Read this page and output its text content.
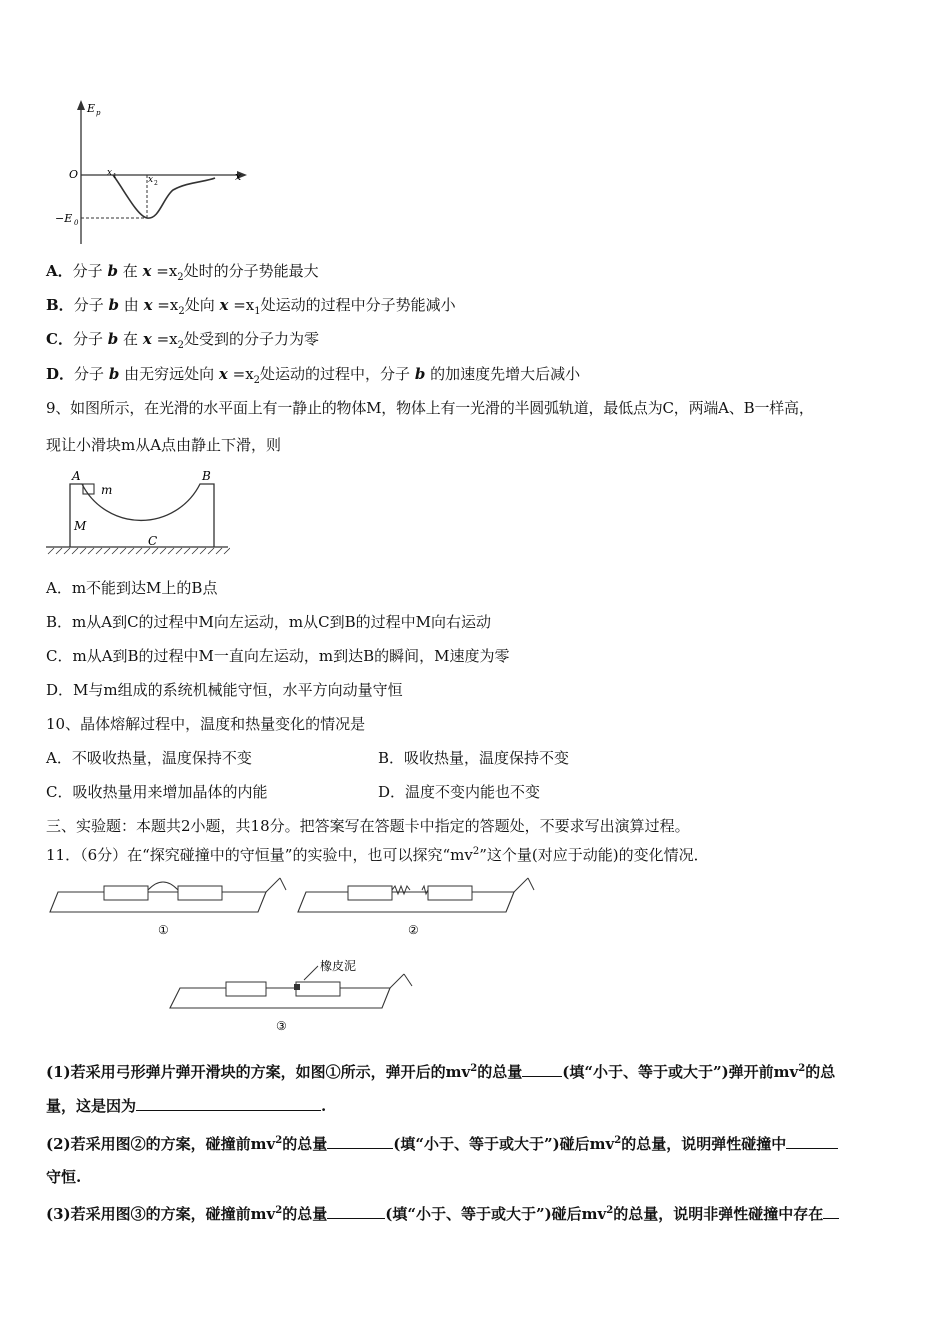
E p
O	x
x 1	x 2
−E 0
A．分子 b 在 $x =x_2$处时的分子势能最大
B．分子 b 由 $x =x_2$处向 $x =x_1$处运动的过程中分子势能减小
C．分子 b 在 $x =x_2$处受到的分子力为零
D．分子 b 由无穷远处向 $x =x_2$处运动的过程中，分子 b 的加速度先增大后减小
9、如图所示，在光滑的水平面上有一静止的物体M，物体上有一光滑的半圆弧轨道，最低点为C，两端A、B一样高，
现让小滑块m从A点由静止下滑，则
A	B
m
M
C
A．m不能到达M上的B点
B．m从A到C的过程中M向左运动，m从C到B的过程中M向右运动
C．m从A到B的过程中M一直向左运动，m到达B的瞬间，M速度为零
D．M与m组成的系统机械能守恒，水平方向动量守恒
10、晶体熔解过程中，温度和热量变化的情况是
A．不吸收热量，温度保持不变	B．吸收热量，温度保持不变
C．吸收热量用来增加晶体的内能	D．温度不变内能也不变
三、实验题：本题共2小题，共18分。把答案写在答题卡中指定的答题处，不要求写出演算过程。
11．（6分）在“探究碰撞中的守恒量”的实验中，也可以探究“$mv^2$”这个量(对应于动能)的变化情况．
①	②
橡皮泥
③
(1)若采用弓形弹片弹开滑块的方案，如图①所示，弹开后的$mv^2$的总量	(填“小于、等于或大于”)弹开前$mv^2$的总
量，这是因为	.
(2)若采用图②的方案，碰撞前$mv^2$的总量	(填“小于、等于或大于”)碰后$mv^2$的总量，说明弹性碰撞中
守恒.
(3)若采用图③的方案，碰撞前$mv^2$的总量	(填“小于、等于或大于”)碰后$mv^2$的总量，说明非弹性碰撞中存在
